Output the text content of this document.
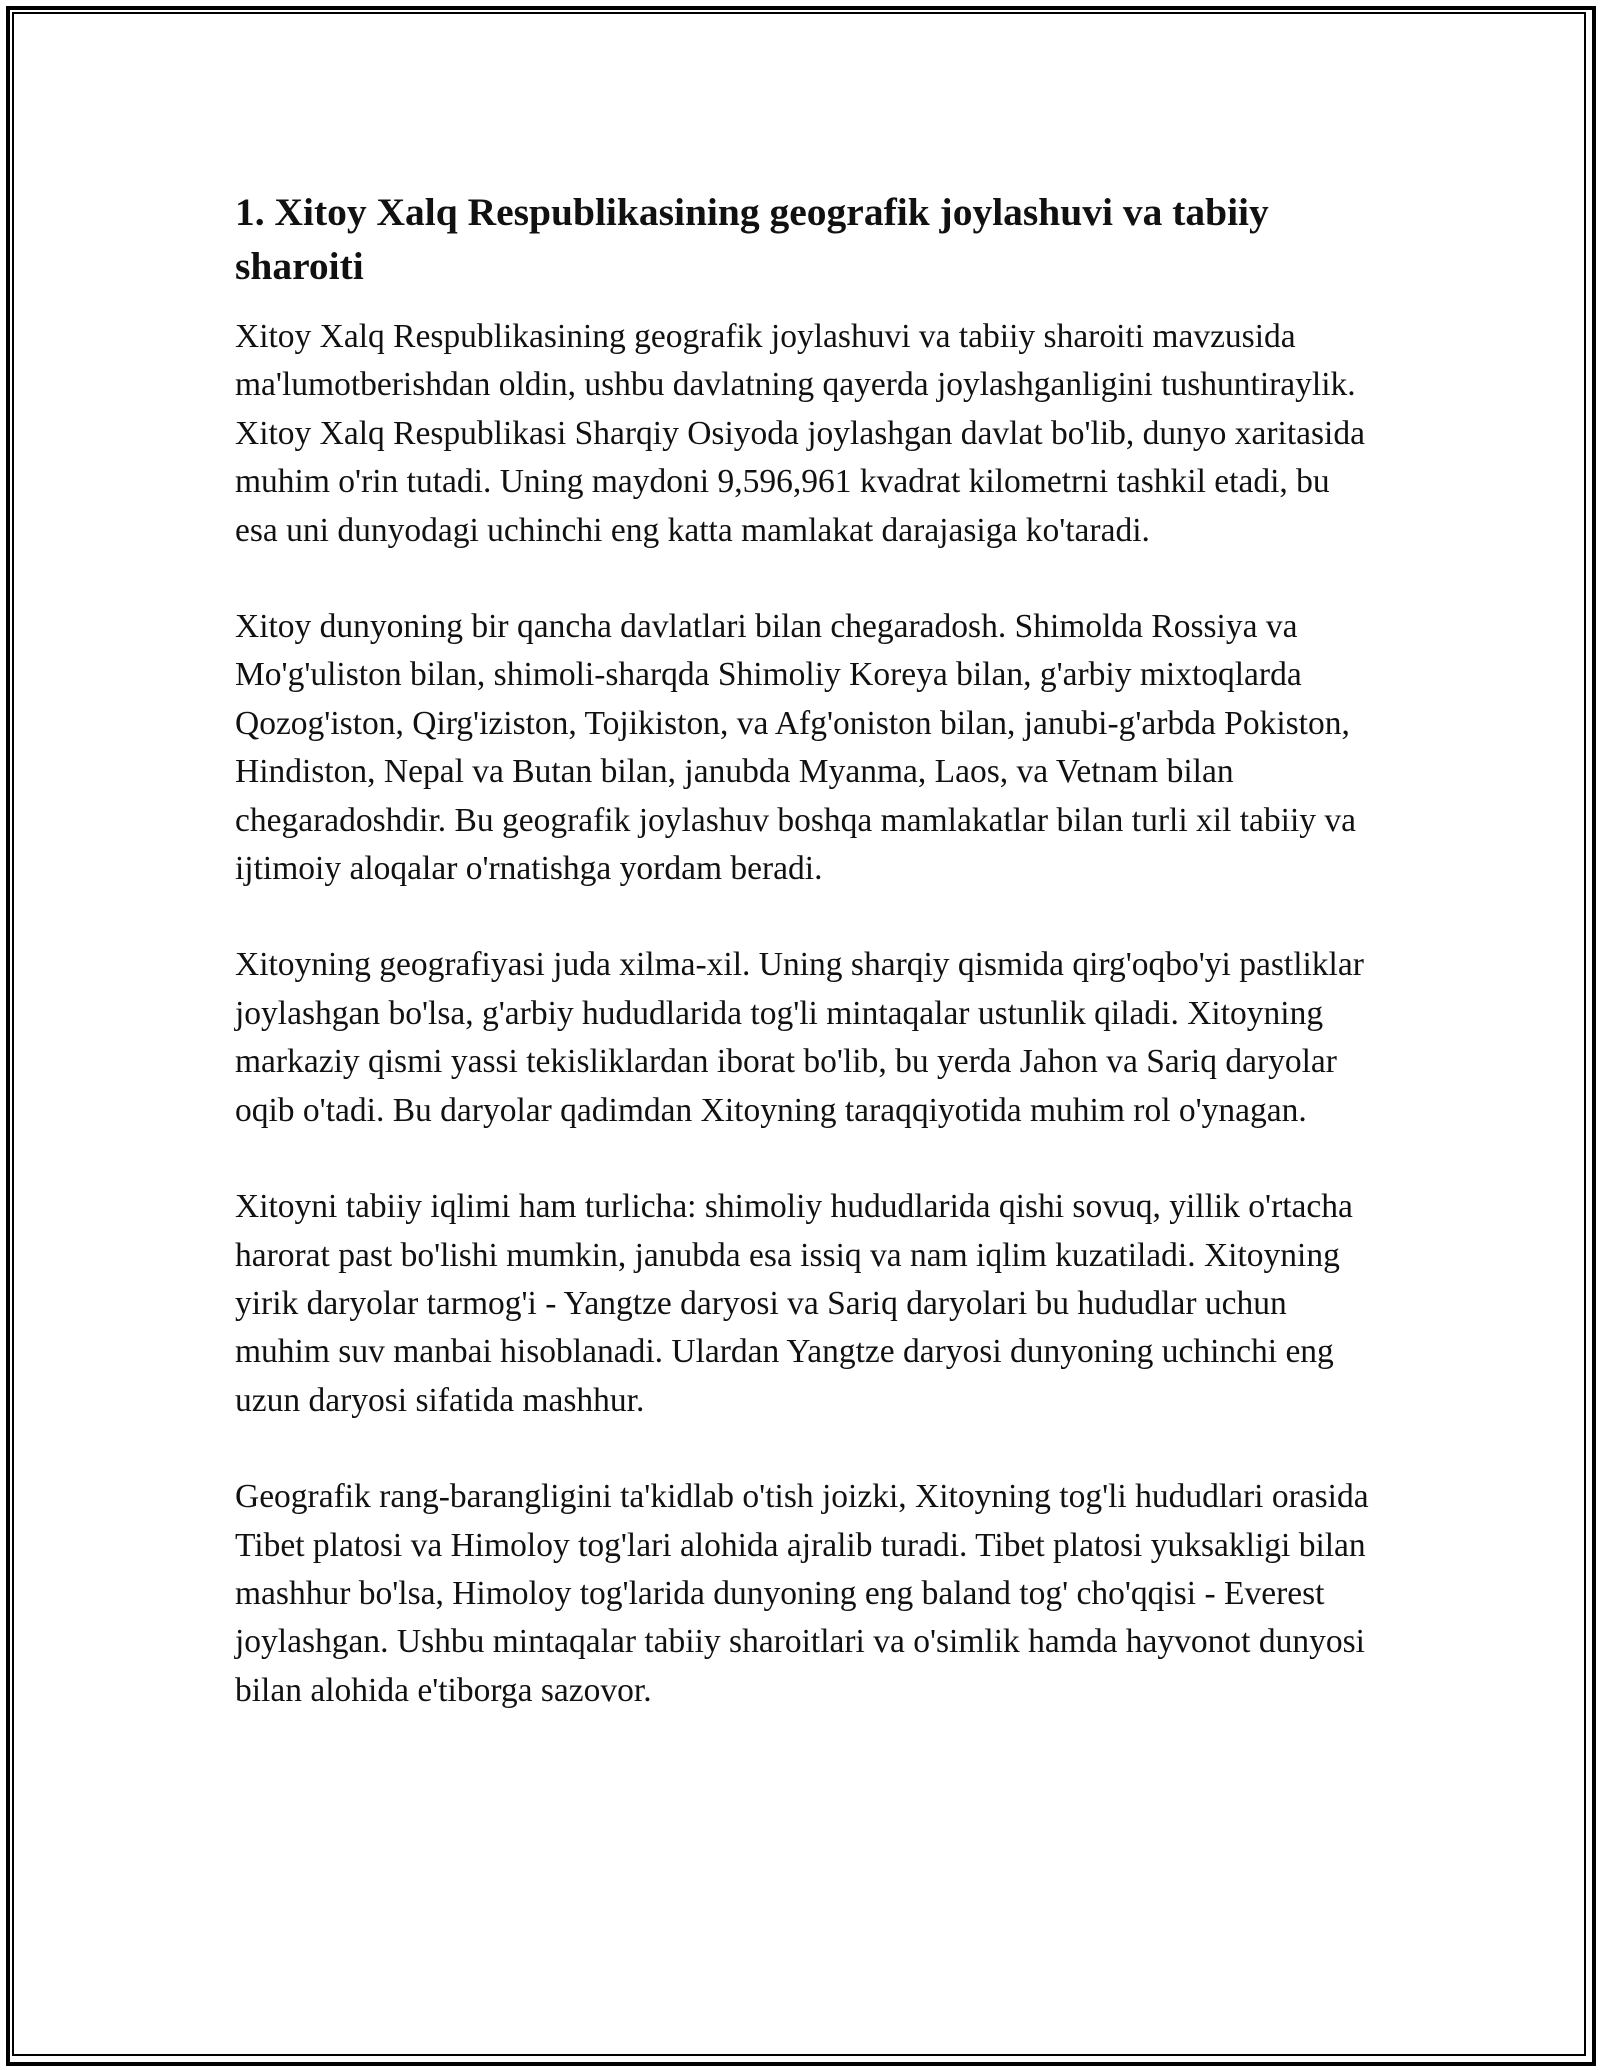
1. Xitoy Xalq Respublikasining geografik joylashuvi va tabiiy sharoiti

Xitoy Xalq Respublikasining geografik joylashuvi va tabiiy sharoiti mavzusida ma'lumotberishdan oldin, ushbu davlatning qayerda joylashganligini tushuntiraylik. Xitoy Xalq Respublikasi Sharqiy Osiyoda joylashgan davlat bo'lib, dunyo xaritasida muhim o'rin tutadi. Uning maydoni 9,596,961 kvadrat kilometrni tashkil etadi, bu esa uni dunyodagi uchinchi eng katta mamlakat darajasiga ko'taradi.

Xitoy dunyoning bir qancha davlatlari bilan chegaradosh. Shimolda Rossiya va Mo'g'uliston bilan, shimoli-sharqda Shimoliy Koreya bilan, g'arbiy mixtoqlarda Qozog'iston, Qirg'iziston, Tojikiston, va Afg'oniston bilan, janubi-g'arbda Pokiston, Hindiston, Nepal va Butan bilan, janubda Myanma, Laos, va Vetnam bilan chegaradoshdir. Bu geografik joylashuv boshqa mamlakatlar bilan turli xil tabiiy va ijtimoiy aloqalar o'rnatishga yordam beradi.

Xitoyning geografiyasi juda xilma-xil. Uning sharqiy qismida qirg'oqbo'yi pastliklar joylashgan bo'lsa, g'arbiy hududlarida tog'li mintaqalar ustunlik qiladi. Xitoyning markaziy qismi yassi tekisliklardan iborat bo'lib, bu yerda Jahon va Sariq daryolar oqib o'tadi. Bu daryolar qadimdan Xitoyning taraqqiyotida muhim rol o'ynagan.

Xitoyni tabiiy iqlimi ham turlicha: shimoliy hududlarida qishi sovuq, yillik o'rtacha harorat past bo'lishi mumkin, janubda esa issiq va nam iqlim kuzatiladi. Xitoyning yirik daryolar tarmog'i - Yangtze daryosi va Sariq daryolari bu hududlar uchun muhim suv manbai hisoblanadi. Ulardan Yangtze daryosi dunyoning uchinchi eng uzun daryosi sifatida mashhur.

Geografik rang-barangligini ta'kidlab o'tish joizki, Xitoyning tog'li hududlari orasida Tibet platosi va Himoloy tog'lari alohida ajralib turadi. Tibet platosi yuksakligi bilan mashhur bo'lsa, Himoloy tog'larida dunyoning eng baland tog' cho'qqisi - Everest joylashgan. Ushbu mintaqalar tabiiy sharoitlari va o'simlik hamda hayvonot dunyosi bilan alohida e'tiborga sazovor.
